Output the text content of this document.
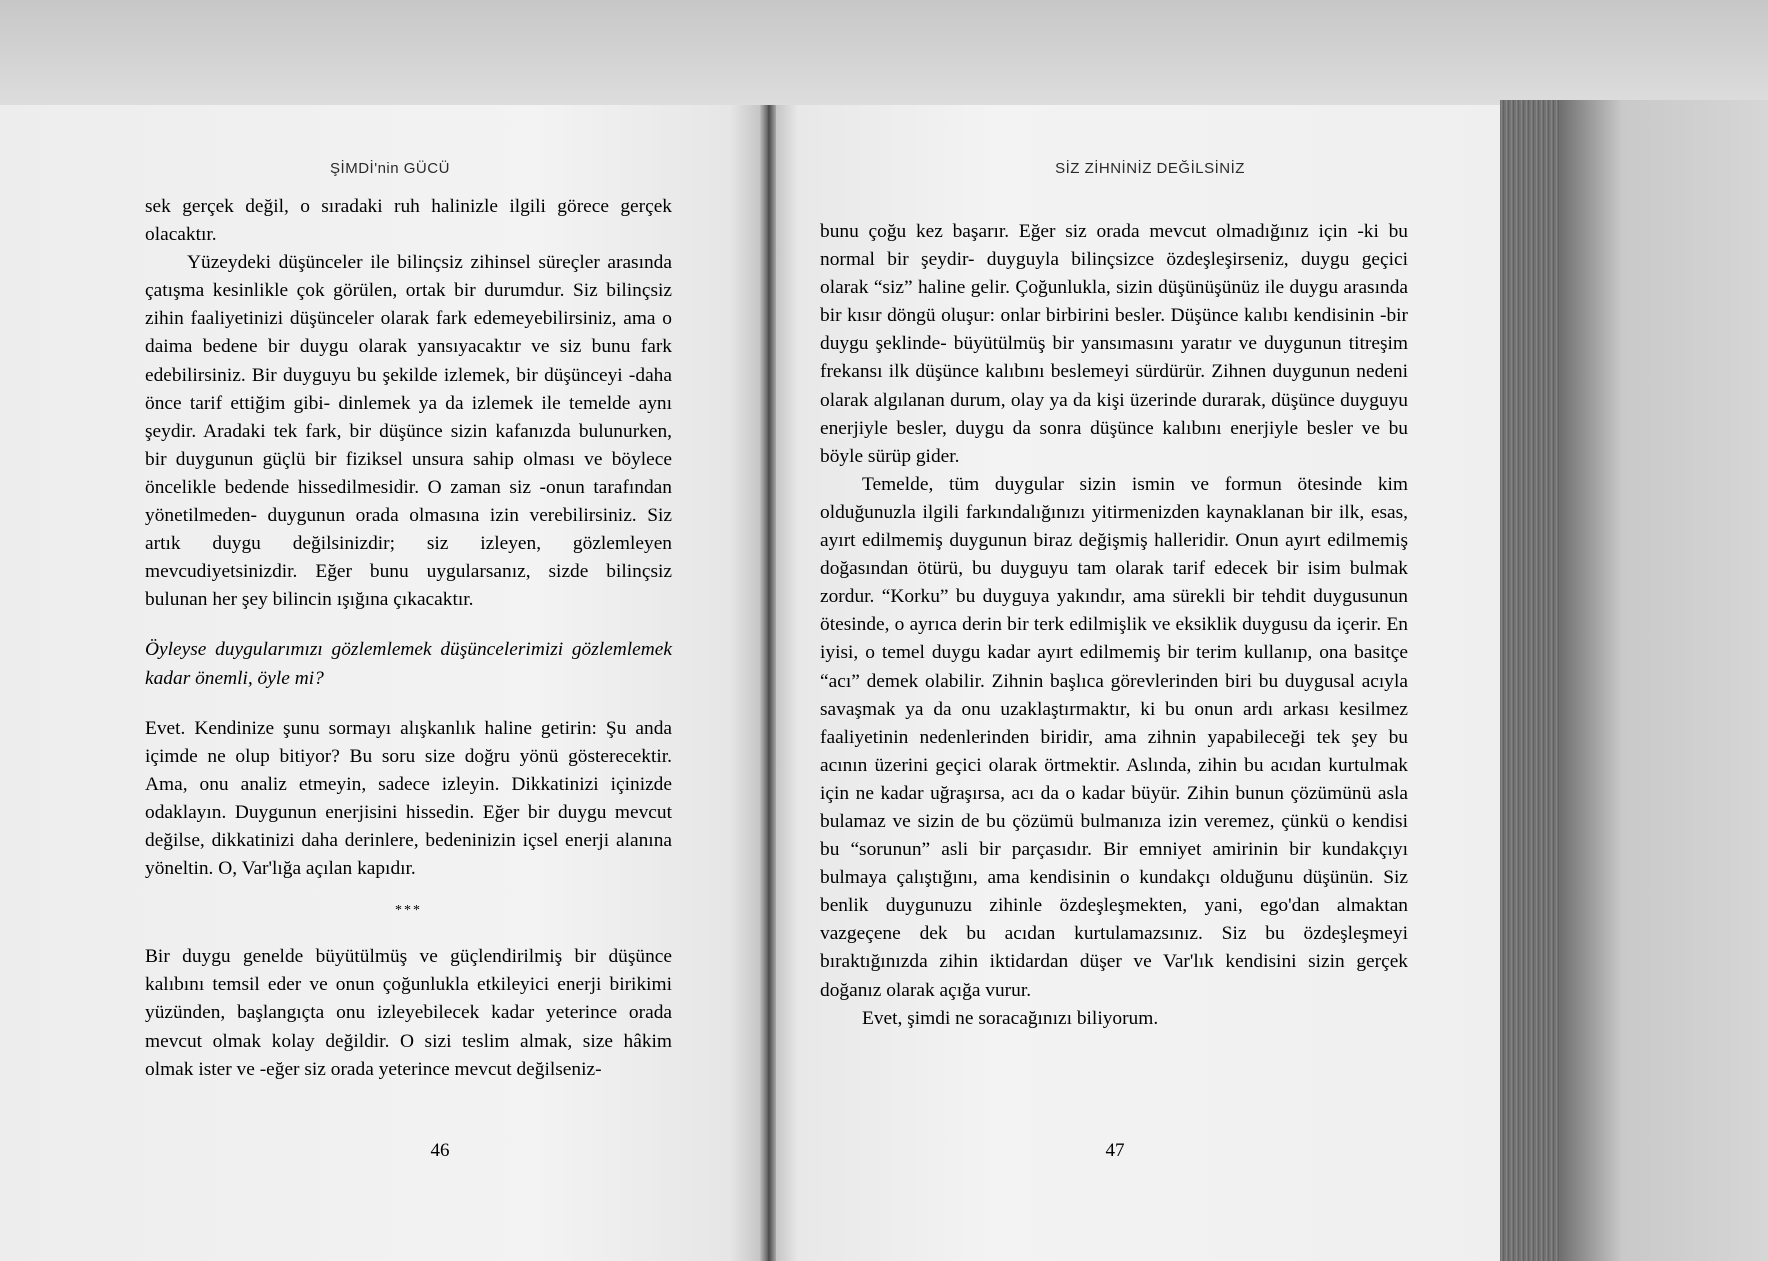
ŞİMDİ'nin GÜCÜ

sek gerçek değil, o sıradaki ruh halinizle ilgili görece gerçek olacaktır.

Yüzeydeki düşünceler ile bilinçsiz zihinsel süreçler arasında çatışma kesinlikle çok görülen, ortak bir durumdur. Siz bilinçsiz zihin faaliyetinizi düşünceler olarak fark edemeyebilirsiniz, ama o daima bedene bir duygu olarak yansıyacaktır ve siz bunu fark edebilirsiniz. Bir duyguyu bu şekilde izlemek, bir düşünceyi -daha önce tarif ettiğim gibi- dinlemek ya da izlemek ile temelde aynı şeydir. Aradaki tek fark, bir düşünce sizin kafanızda bulunurken, bir duygunun güçlü bir fiziksel unsura sahip olması ve böylece öncelikle bedende hissedilmesidir. O zaman siz -onun tarafından yönetilmeden- duygunun orada olmasına izin verebilirsiniz. Siz artık duygu değilsinizdir; siz izleyen, gözlemleyen mevcudiyetsinizdir. Eğer bunu uygularsanız, sizde bilinçsiz bulunan her şey bilincin ışığına çıkacaktır.

Öyleyse duygularımızı gözlemlemek düşüncelerimizi gözlemlemek kadar önemli, öyle mi?

Evet. Kendinize şunu sormayı alışkanlık haline getirin: Şu anda içimde ne olup bitiyor? Bu soru size doğru yönü gösterecektir. Ama, onu analiz etmeyin, sadece izleyin. Dikkatinizi içinizde odaklayın. Duygunun enerjisini hissedin. Eğer bir duygu mevcut değilse, dikkatinizi daha derinlere, bedeninizin içsel enerji alanına yöneltin. O, Var'lığa açılan kapıdır.

***

Bir duygu genelde büyütülmüş ve güçlendirilmiş bir düşünce kalıbını temsil eder ve onun çoğunlukla etkileyici enerji birikimi yüzünden, başlangıçta onu izleyebilecek kadar yeterince orada mevcut olmak kolay değildir. O sizi teslim almak, size hâkim olmak ister ve -eğer siz orada yeterince mevcut değilseniz-

46
SİZ ZİHNİNİZ DEĞİLSİNİZ

bunu çoğu kez başarır. Eğer siz orada mevcut olmadığınız için -ki bu normal bir şeydir- duyguyla bilinçsizce özdeşleşirseniz, duygu geçici olarak “siz” haline gelir. Çoğunlukla, sizin düşünüşünüz ile duygu arasında bir kısır döngü oluşur: onlar birbirini besler. Düşünce kalıbı kendisinin -bir duygu şeklinde- büyütülmüş bir yansımasını yaratır ve duygunun titreşim frekansı ilk düşünce kalıbını beslemeyi sürdürür. Zihnen duygunun nedeni olarak algılanan durum, olay ya da kişi üzerinde durarak, düşünce duyguyu enerjiyle besler, duygu da sonra düşünce kalıbını enerjiyle besler ve bu böyle sürüp gider.

Temelde, tüm duygular sizin ismin ve formun ötesinde kim olduğunuzla ilgili farkındalığınızı yitirmenizden kaynaklanan bir ilk, esas, ayırt edilmemiş duygunun biraz değişmiş halleridir. Onun ayırt edilmemiş doğasından ötürü, bu duyguyu tam olarak tarif edecek bir isim bulmak zordur. “Korku” bu duyguya yakındır, ama sürekli bir tehdit duygusunun ötesinde, o ayrıca derin bir terk edilmişlik ve eksiklik duygusu da içerir. En iyisi, o temel duygu kadar ayırt edilmemiş bir terim kullanıp, ona basitçe “acı” demek olabilir. Zihnin başlıca görevlerinden biri bu duygusal acıyla savaşmak ya da onu uzaklaştırmaktır, ki bu onun ardı arkası kesilmez faaliyetinin nedenlerinden biridir, ama zihnin yapabileceği tek şey bu acının üzerini geçici olarak örtmektir. Aslında, zihin bu acıdan kurtulmak için ne kadar uğraşırsa, acı da o kadar büyür. Zihin bunun çözümünü asla bulamaz ve sizin de bu çözümü bulmanıza izin veremez, çünkü o kendisi bu “sorunun” asli bir parçasıdır. Bir emniyet amirinin bir kundakçıyı bulmaya çalıştığını, ama kendisinin o kundakçı olduğunu düşünün. Siz benlik duygunuzu zihinle özdeşleşmekten, yani, ego'dan almaktan vazgeçene dek bu acıdan kurtulamazsınız. Siz bu özdeşleşmeyi bıraktığınızda zihin iktidardan düşer ve Var'lık kendisini sizin gerçek doğanız olarak açığa vurur.

Evet, şimdi ne soracağınızı biliyorum.

47
